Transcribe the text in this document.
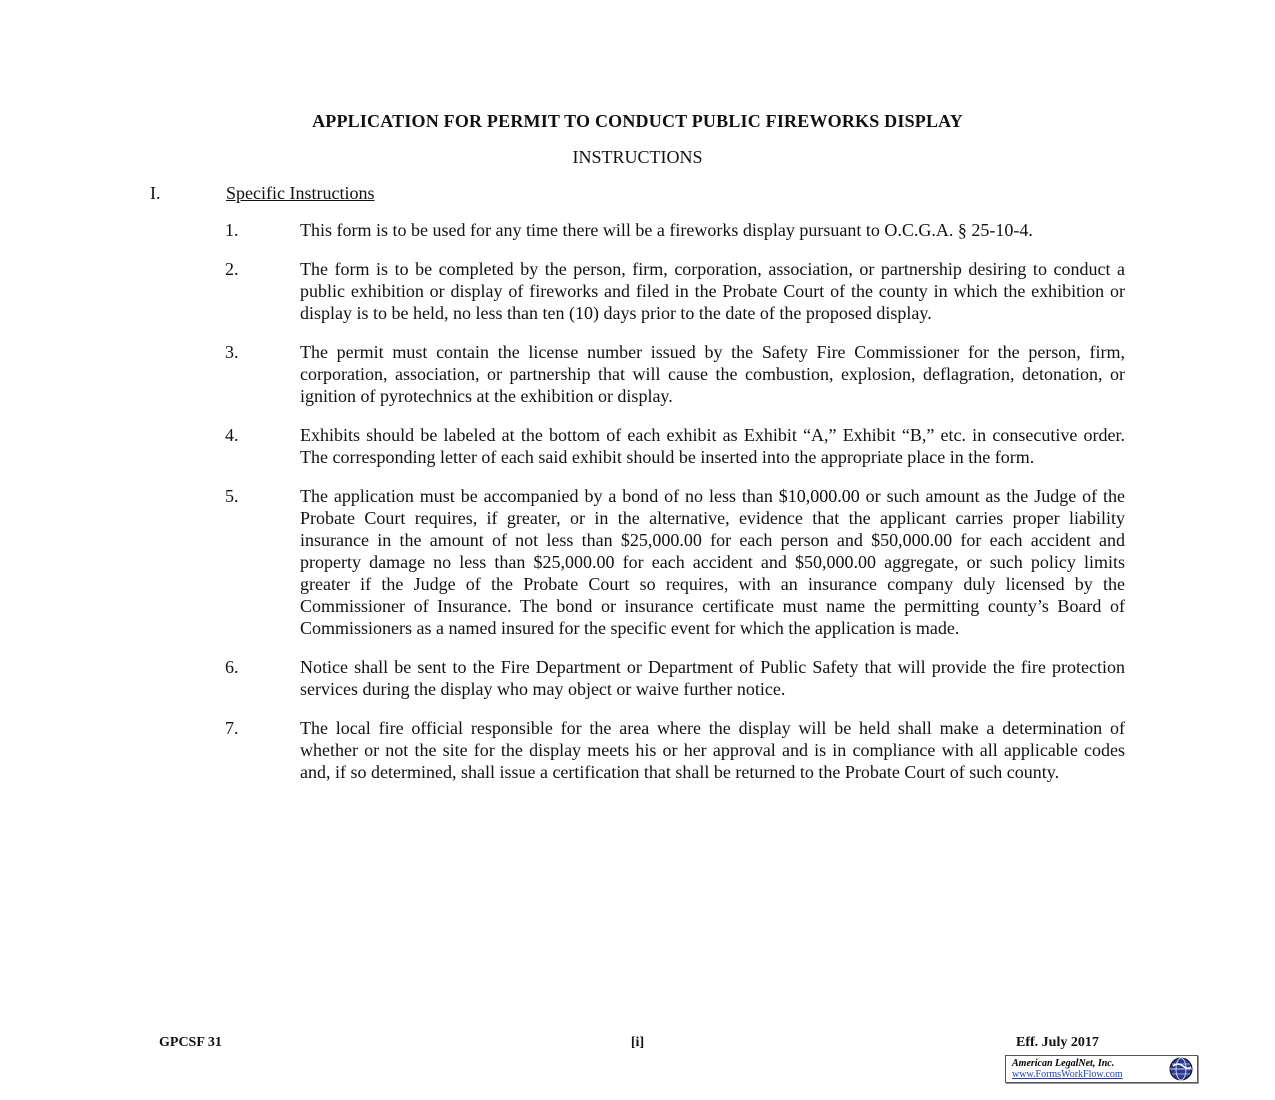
APPLICATION FOR PERMIT TO CONDUCT PUBLIC FIREWORKS DISPLAY
INSTRUCTIONS
I.	Specific Instructions
1.	This form is to be used for any time there will be a fireworks display pursuant to O.C.G.A. § 25-10-4.
2.	The form is to be completed by the person, firm, corporation, association, or partnership desiring to conduct a public exhibition or display of fireworks and filed in the Probate Court of the county in which the exhibition or display is to be held, no less than ten (10) days prior to the date of the proposed display.
3.	The permit must contain the license number issued by the Safety Fire Commissioner for the person, firm, corporation, association, or partnership that will cause the combustion, explosion, deflagration, detonation, or ignition of pyrotechnics at the exhibition or display.
4.	Exhibits should be labeled at the bottom of each exhibit as Exhibit “A,” Exhibit “B,” etc. in consecutive order. The corresponding letter of each said exhibit should be inserted into the appropriate place in the form.
5.	The application must be accompanied by a bond of no less than $10,000.00 or such amount as the Judge of the Probate Court requires, if greater, or in the alternative, evidence that the applicant carries proper liability insurance in the amount of not less than $25,000.00 for each person and $50,000.00 for each accident and property damage no less than $25,000.00 for each accident and $50,000.00 aggregate, or such policy limits greater if the Judge of the Probate Court so requires, with an insurance company duly licensed by the Commissioner of Insurance. The bond or insurance certificate must name the permitting county’s Board of Commissioners as a named insured for the specific event for which the application is made.
6.	Notice shall be sent to the Fire Department or Department of Public Safety that will provide the fire protection services during the display who may object or waive further notice.
7.	The local fire official responsible for the area where the display will be held shall make a determination of whether or not the site for the display meets his or her approval and is in compliance with all applicable codes and, if so determined, shall issue a certification that shall be returned to the Probate Court of such county.
GPCSF 31	[i]	Eff. July 2017
American LegalNet, Inc.
www.FormsWorkFlow.com
